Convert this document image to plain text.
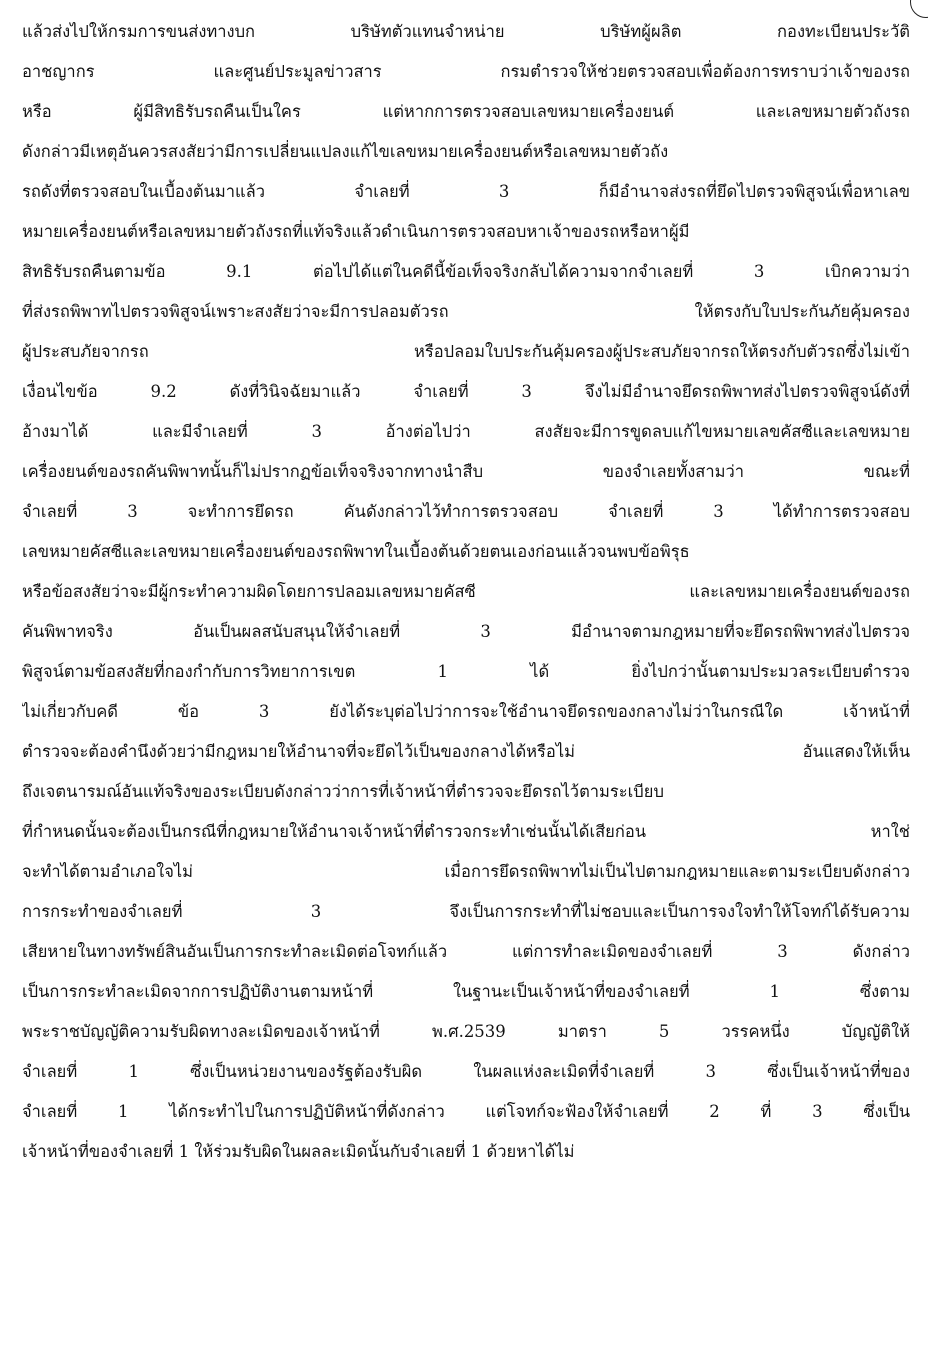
แล้วส่งไปให้กรมการขนส่งทางบก บริษัทตัวแทนจำหน่าย บริษัทผู้ผลิต กองทะเบียนประวัติ
อาชญากร และศูนย์ประมูลข่าวสาร กรมตำรวจให้ช่วยตรวจสอบเพื่อต้องการทราบว่าเจ้าของรถ
หรือ ผู้มีสิทธิรับรถคืนเป็นใคร แต่หากการตรวจสอบเลขหมายเครื่องยนต์ และเลขหมายตัวถังรถ
ดังกล่าวมีเหตุอันควรสงสัยว่ามีการเปลี่ยนแปลงแก้ไขเลขหมายเครื่องยนต์หรือเลขหมายตัวถัง
รถดังที่ตรวจสอบในเบื้องต้นมาแล้ว จำเลยที่ 3 ก็มีอำนาจส่งรถที่ยึดไปตรวจพิสูจน์เพื่อหาเลข
หมายเครื่องยนต์หรือเลขหมายตัวถังรถที่แท้จริงแล้วดำเนินการตรวจสอบหาเจ้าของรถหรือหาผู้มี
สิทธิรับรถคืนตามข้อ 9.1 ต่อไปได้แต่ในคดีนี้ข้อเท็จจริงกลับได้ความจากจำเลยที่ 3 เบิกความว่า
ที่ส่งรถพิพาทไปตรวจพิสูจน์เพราะสงสัยว่าจะมีการปลอมตัวรถ ให้ตรงกับใบประกันภัยคุ้มครอง
ผู้ประสบภัยจากรถ หรือปลอมใบประกันคุ้มครองผู้ประสบภัยจากรถให้ตรงกับตัวรถซึ่งไม่เข้า
เงื่อนไขข้อ 9.2 ดังที่วินิจฉัยมาแล้ว จำเลยที่ 3 จึงไม่มีอำนาจยึดรถพิพาทส่งไปตรวจพิสูจน์ดังที่
อ้างมาได้ และมีจำเลยที่ 3 อ้างต่อไปว่า สงสัยจะมีการขูดลบแก้ไขหมายเลขคัสซีและเลขหมาย
เครื่องยนต์ของรถคันพิพาทนั้นก็ไม่ปรากฏข้อเท็จจริงจากทางนำสืบ ของจำเลยทั้งสามว่า ขณะที่
จำเลยที่ 3 จะทำการยึดรถ คันดังกล่าวไว้ทำการตรวจสอบ จำเลยที่ 3 ได้ทำการตรวจสอบ
เลขหมายคัสซีและเลขหมายเครื่องยนต์ของรถพิพาทในเบื้องต้นด้วยตนเองก่อนแล้วจนพบข้อพิรุธ
หรือข้อสงสัยว่าจะมีผู้กระทำความผิดโดยการปลอมเลขหมายคัสซี และเลขหมายเครื่องยนต์ของรถ
คันพิพาทจริง อันเป็นผลสนับสนุนให้จำเลยที่ 3 มีอำนาจตามกฎหมายที่จะยึดรถพิพาทส่งไปตรวจ
พิสูจน์ตามข้อสงสัยที่กองกำกับการวิทยาการเขต 1 ได้ ยิ่งไปกว่านั้นตามประมวลระเบียบตำรวจ
ไม่เกี่ยวกับคดี ข้อ 3 ยังได้ระบุต่อไปว่าการจะใช้อำนาจยึดรถของกลางไม่ว่าในกรณีใด เจ้าหน้าที่
ตำรวจจะต้องคำนึงด้วยว่ามีกฎหมายให้อำนาจที่จะยึดไว้เป็นของกลางได้หรือไม่ อันแสดงให้เห็น
ถึงเจตนารมณ์อันแท้จริงของระเบียบดังกล่าวว่าการที่เจ้าหน้าที่ตำรวจจะยึดรถไว้ตามระเบียบ
ที่กำหนดนั้นจะต้องเป็นกรณีที่กฎหมายให้อำนาจเจ้าหน้าที่ตำรวจกระทำเช่นนั้นได้เสียก่อน หาใช่
จะทำได้ตามอำเภอใจไม่ เมื่อการยึดรถพิพาทไม่เป็นไปตามกฎหมายและตามระเบียบดังกล่าว
การกระทำของจำเลยที่ 3 จึงเป็นการกระทำที่ไม่ชอบและเป็นการจงใจทำให้โจทก์ได้รับความ
เสียหายในทางทรัพย์สินอันเป็นการกระทำละเมิดต่อโจทก์แล้ว แต่การทำละเมิดของจำเลยที่ 3 ดังกล่าว
เป็นการกระทำละเมิดจากการปฏิบัติงานตามหน้าที่ ในฐานะเป็นเจ้าหน้าที่ของจำเลยที่ 1 ซึ่งตาม
พระราชบัญญัติความรับผิดทางละเมิดของเจ้าหน้าที่ พ.ศ.2539 มาตรา 5 วรรคหนึ่ง บัญญัติให้
จำเลยที่ 1 ซึ่งเป็นหน่วยงานของรัฐต้องรับผิด ในผลแห่งละเมิดที่จำเลยที่ 3 ซึ่งเป็นเจ้าหน้าที่ของ
จำเลยที่ 1 ได้กระทำไปในการปฏิบัติหน้าที่ดังกล่าว แต่โจทก์จะฟ้องให้จำเลยที่ 2 ที่ 3 ซึ่งเป็น
เจ้าหน้าที่ของจำเลยที่ 1 ให้ร่วมรับผิดในผลละเมิดนั้นกับจำเลยที่ 1 ด้วยหาได้ไม่
